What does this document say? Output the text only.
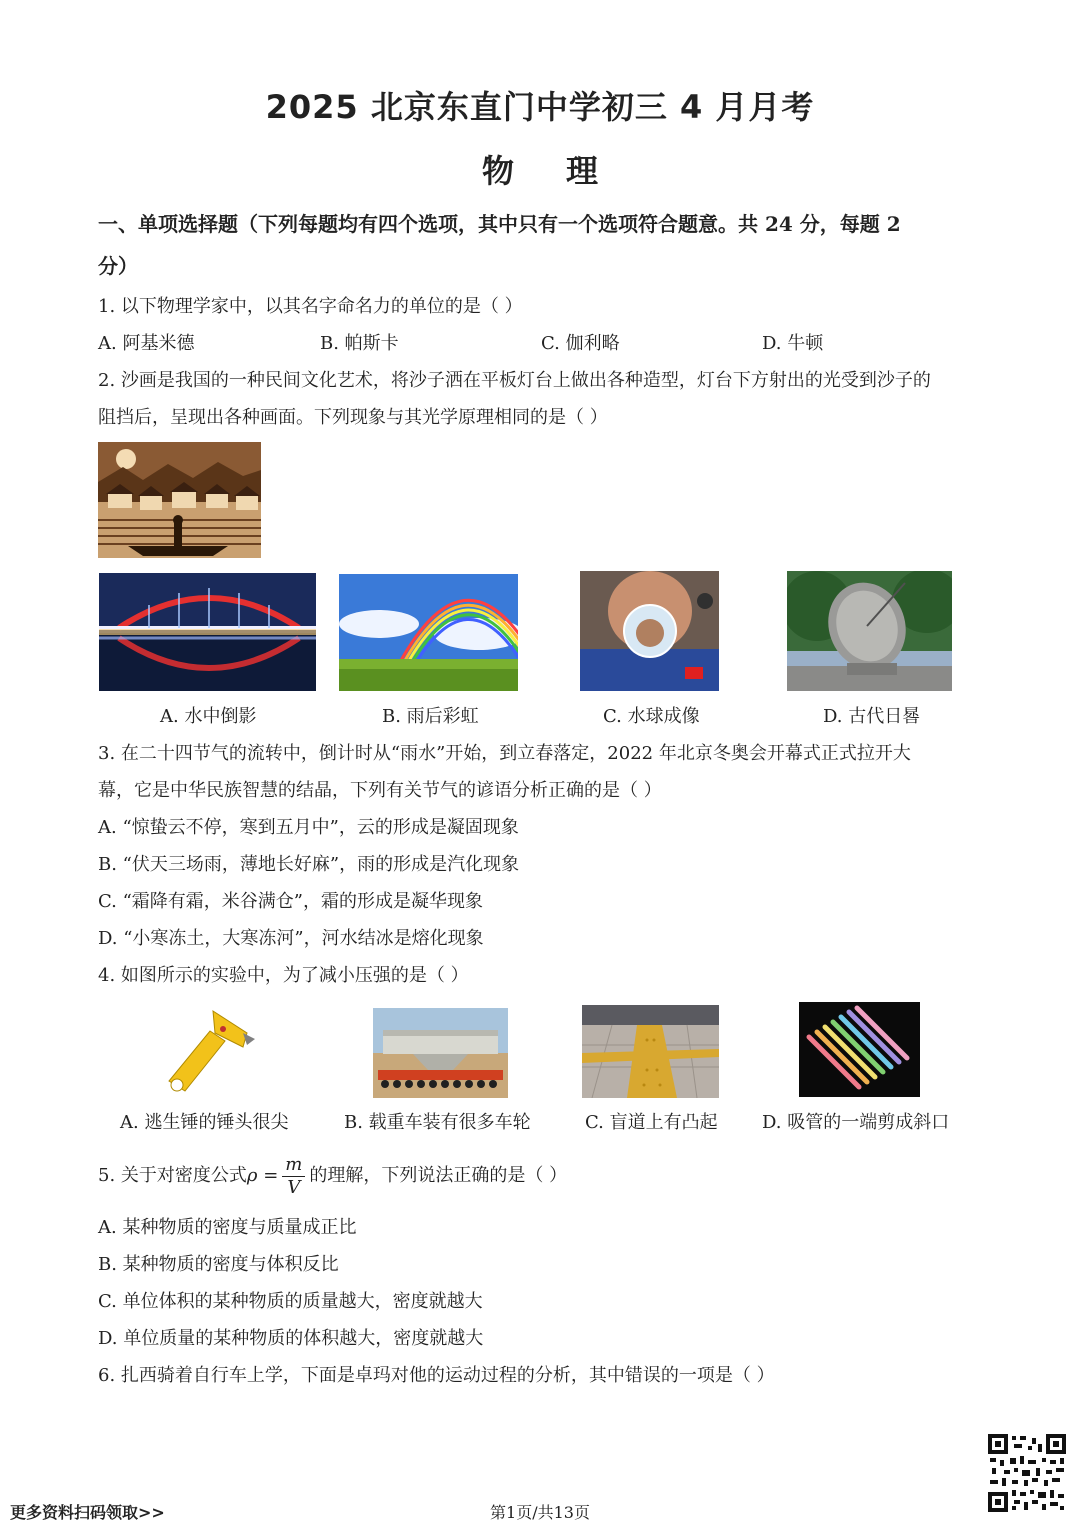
2025 北京东直门中学初三 4 月月考
物理
一、单项选择题（下列每题均有四个选项，其中只有一个选项符合题意。共 24 分，每题 2
分）
1. 以下物理学家中，以其名字命名力的单位的是（ ）
A. 阿基米德	B. 帕斯卡	C. 伽利略	D. 牛顿
2. 沙画是我国的一种民间文化艺术，将沙子洒在平板灯台上做出各种造型，灯台下方射出的光受到沙子的
阻挡后，呈现出各种画面。下列现象与其光学原理相同的是（ ）
A. 水中倒影	B. 雨后彩虹	C. 水球成像	D. 古代日晷
3. 在二十四节气的流转中，倒计时从“雨水”开始，到立春落定，2022 年北京冬奥会开幕式正式拉开大
幕，它是中华民族智慧的结晶，下列有关节气的谚语分析正确的是（ ）
A. “惊蛰云不停，寒到五月中”，云的形成是凝固现象
B. “伏天三场雨，薄地长好麻”，雨的形成是汽化现象
C. “霜降有霜，米谷满仓”，霜的形成是凝华现象
D. “小寒冻土，大寒冻河”，河水结冰是熔化现象
4. 如图所示的实验中，为了减小压强的是（ ）
A. 逃生锤的锤头很尖	B. 载重车装有很多车轮	C. 盲道上有凸起 D. 吸管的一端剪成斜口
5. 关于对密度公式$\rho = \frac{m}{V}$ 的理解，下列说法正确的是（ ）
A. 某种物质的密度与质量成正比
B. 某种物质的密度与体积反比
C. 单位体积的某种物质的质量越大，密度就越大
D. 单位质量的某种物质的体积越大，密度就越大
6. 扎西骑着自行车上学，下面是卓玛对他的运动过程的分析，其中错误的一项是（ ）
更多资料扫码领取>>	第1页/共13页
